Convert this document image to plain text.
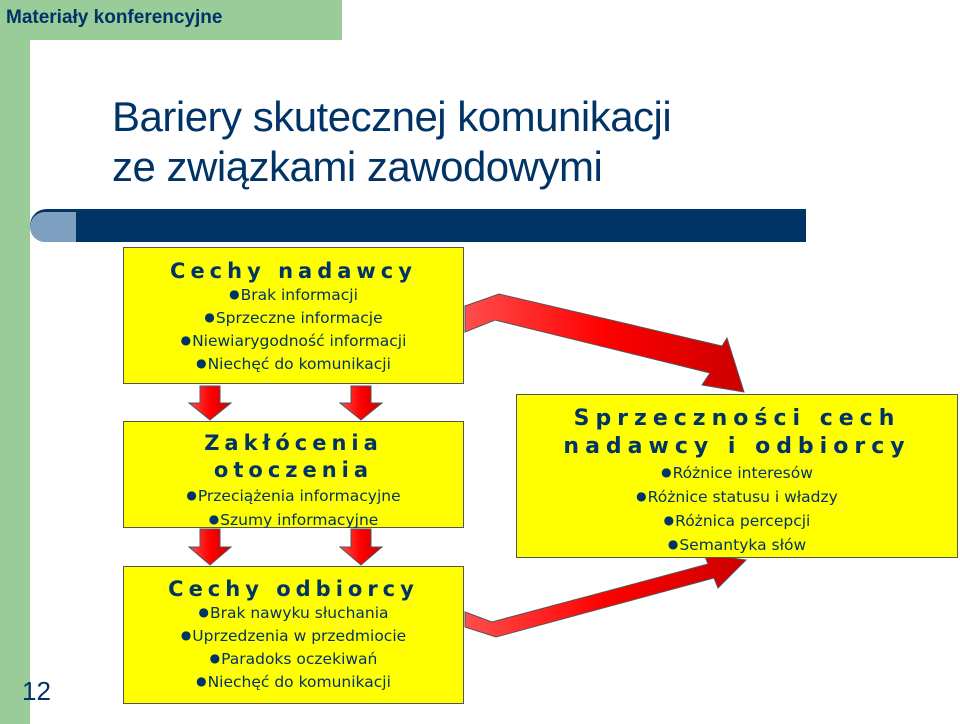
Materiały konferencyjne
Bariery skutecznej komunikacji
ze związkami zawodowymi
Cechy nadawcy
●Brak informacji
●Sprzeczne informacje
●Niewiarygodność informacji
●Niechęć do komunikacji
Zakłócenia
otoczenia
●Przeciążenia informacyjne
●Szumy informacyjne
Cechy odbiorcy
●Brak nawyku słuchania
●Uprzedzenia w przedmiocie
●Paradoks oczekiwań
●Niechęć do komunikacji
Sprzeczności cech
nadawcy i odbiorcy
●Różnice interesów
●Różnice statusu i władzy
●Różnica percepcji
●Semantyka słów
12
